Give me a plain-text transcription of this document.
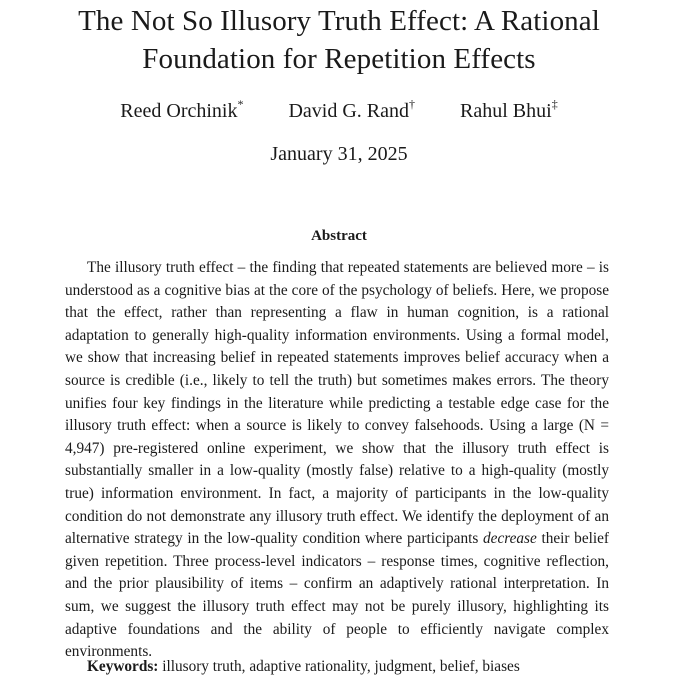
The Not So Illusory Truth Effect: A Rational
Foundation for Repetition Effects
Reed Orchinik* David G. Rand† Rahul Bhui‡
January 31, 2025
Abstract

The illusory truth effect – the finding that repeated statements are believed more – is understood as a cognitive bias at the core of the psychology of beliefs. Here, we propose that the effect, rather than representing a flaw in human cognition, is a rational adaptation to generally high-quality information environments. Using a formal model, we show that increasing belief in repeated statements improves belief accuracy when a source is credible (i.e., likely to tell the truth) but sometimes makes errors. The theory unifies four key findings in the literature while predicting a testable edge case for the illusory truth effect: when a source is likely to convey falsehoods. Using a large (N = 4,947) pre-registered online experiment, we show that the illusory truth effect is substantially smaller in a low-quality (mostly false) relative to a high-quality (mostly true) information environment. In fact, a majority of participants in the low-quality condition do not demonstrate any illusory truth effect. We identify the deployment of an alternative strategy in the low-quality condition where participants decrease their belief given repetition. Three process-level indicators – response times, cognitive reflection, and the prior plausibility of items – confirm an adaptively rational interpretation. In sum, we suggest the illusory truth effect may not be purely illusory, highlighting its adaptive foundations and the ability of people to efficiently navigate complex environments.

Keywords: illusory truth, adaptive rationality, judgment, belief, biases
